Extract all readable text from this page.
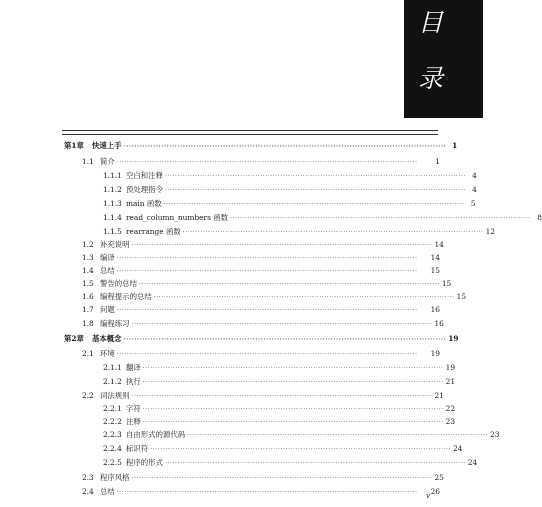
目
录
第1章	快速上手 ························································································································ 1
1.1 简介 ························································································································	1
1.1.1 空白和注释 ························································································································ 4
1.1.2 预处理指令 ························································································································ 4
1.1.3 main 函数 ························································································································ 5
1.1.4 read_column_numbers 函数 ························································································································ 8
1.1.5 rearrange 函数 ························································································································ 12
1.2 补充说明 ························································································································ 14
1.3 编译 ························································································································	14
1.4 总结 ························································································································	15
1.5 警告的总结 ························································································································ 15
1.6 编程提示的总结 ························································································································ 15
1.7 问题 ························································································································	16
1.8 编程练习 ························································································································ 16
第2章	基本概念 ························································································································ 19
2.1 环境 ························································································································	19
2.1.1 翻译 ························································································································ 19
2.1.2 执行 ························································································································ 21
2.2 词法规则 ························································································································ 21
2.2.1 字符 ························································································································ 22
2.2.2 注释 ························································································································ 23
2.2.3 自由形式的源代码 ························································································································ 23
2.2.4 标识符 ························································································································ 24
2.2.5 程序的形式 ························································································································ 24
2.3 程序风格 ························································································································ 25
2.4 总结 ························································································································	26
v
